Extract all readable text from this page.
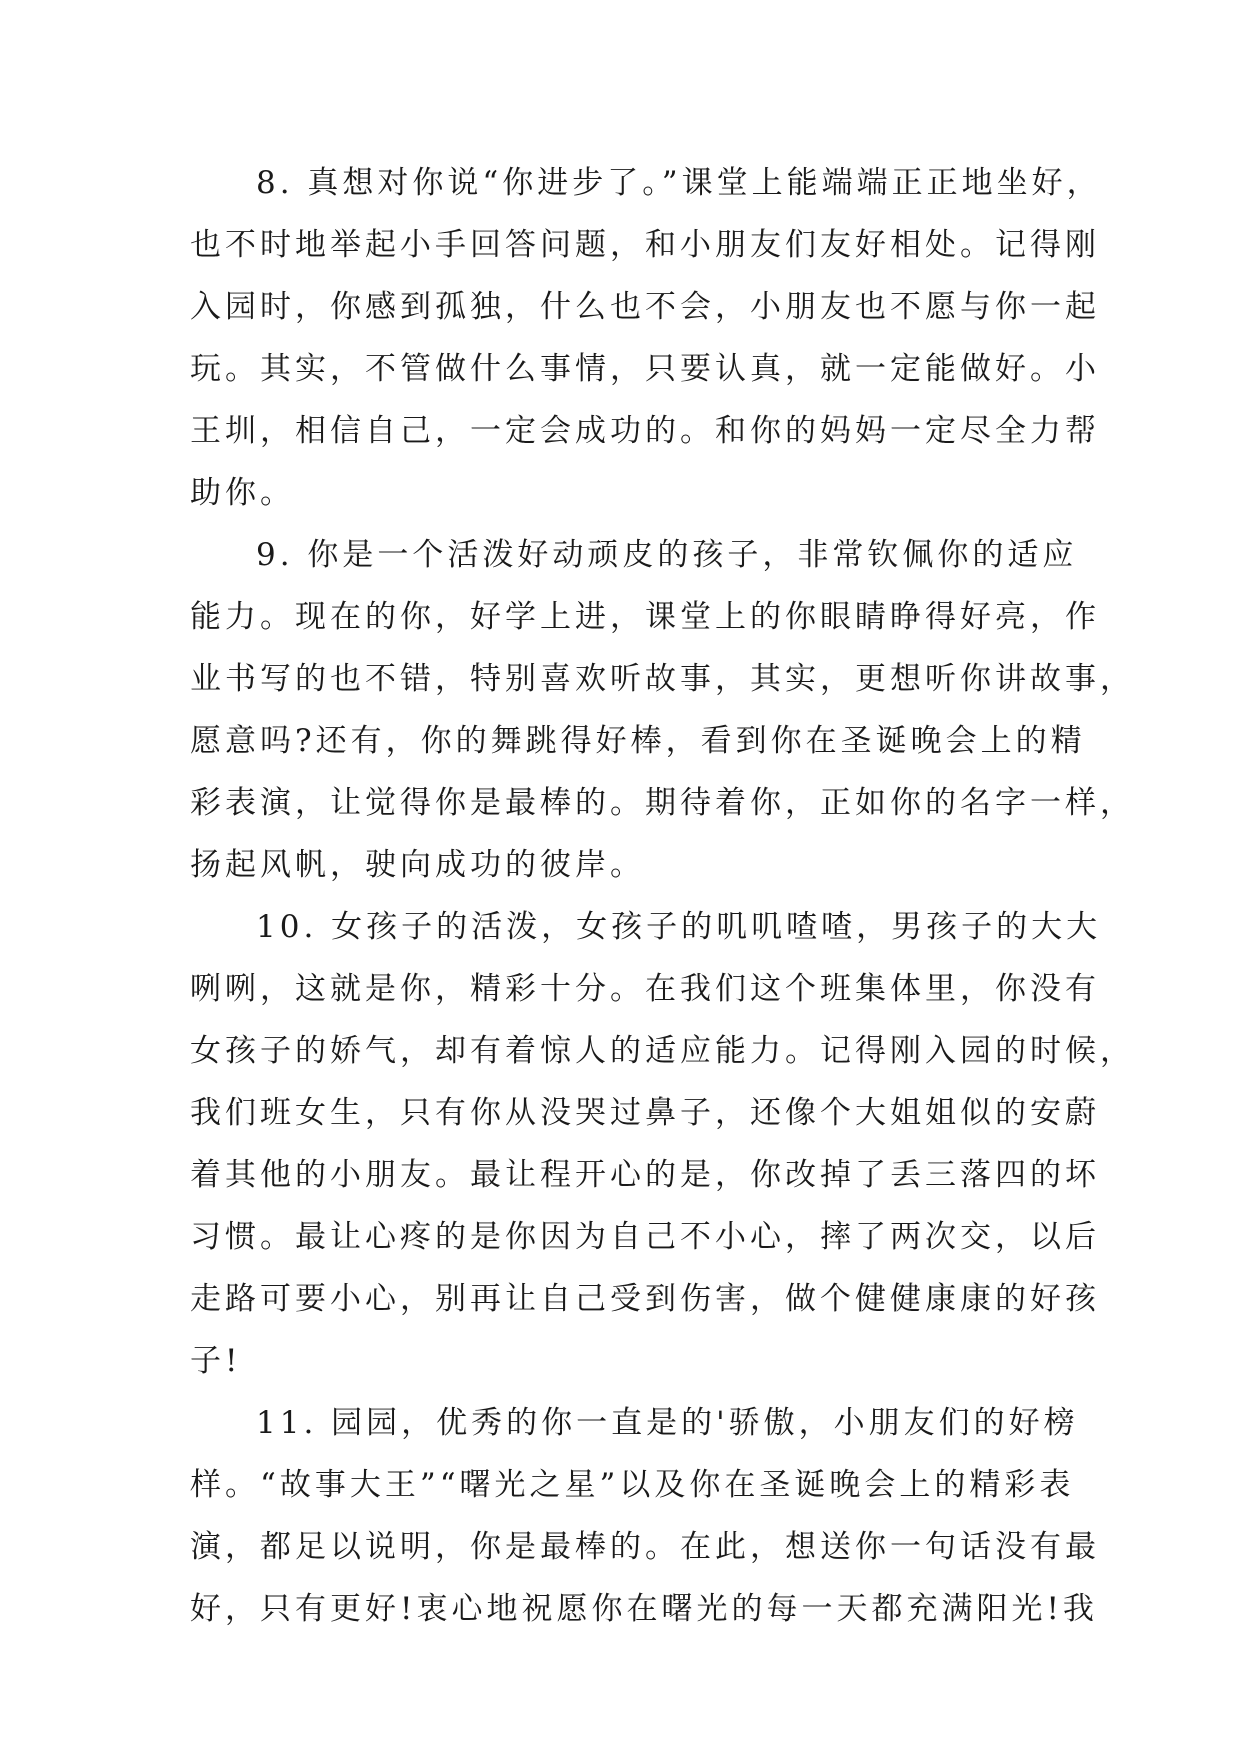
8. 真想对你说“你进步了。”课堂上能端端正正地坐好，
也不时地举起小手回答问题，和小朋友们友好相处。记得刚
入园时，你感到孤独，什么也不会，小朋友也不愿与你一起
玩。其实，不管做什么事情，只要认真，就一定能做好。小
王圳，相信自己，一定会成功的。和你的妈妈一定尽全力帮
助你。
9. 你是一个活泼好动顽皮的孩子，非常钦佩你的适应
能力。现在的你，好学上进，课堂上的你眼睛睁得好亮，作
业书写的也不错，特别喜欢听故事，其实，更想听你讲故事，
愿意吗?还有，你的舞跳得好棒，看到你在圣诞晚会上的精
彩表演，让觉得你是最棒的。期待着你，正如你的名字一样，
扬起风帆，驶向成功的彼岸。
10. 女孩子的活泼，女孩子的叽叽喳喳，男孩子的大大
咧咧，这就是你，精彩十分。在我们这个班集体里，你没有
女孩子的娇气，却有着惊人的适应能力。记得刚入园的时候，
我们班女生，只有你从没哭过鼻子，还像个大姐姐似的安蔚
着其他的小朋友。最让程开心的是，你改掉了丢三落四的坏
习惯。最让心疼的是你因为自己不小心，摔了两次交，以后
走路可要小心，别再让自己受到伤害，做个健健康康的好孩
子!
11. 园园，优秀的你一直是的'骄傲，小朋友们的好榜
样。“故事大王”“曙光之星”以及你在圣诞晚会上的精彩表
演，都足以说明，你是最棒的。在此，想送你一句话没有最
好，只有更好!衷心地祝愿你在曙光的每一天都充满阳光!我
